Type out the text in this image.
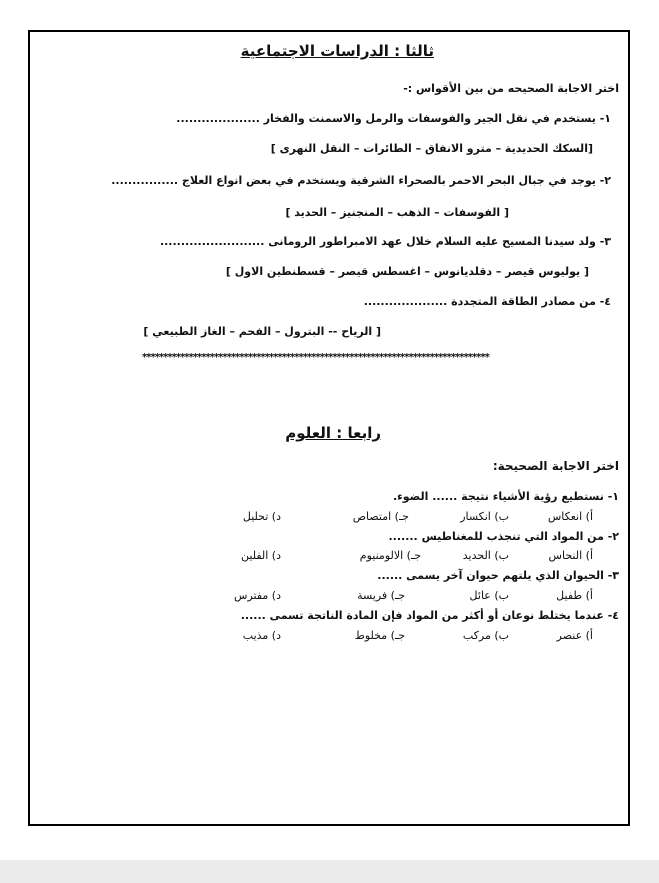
ثالثا : الدراسات الاجتماعية
اختر الاجابة الصحيحه من بين الأقواس :-
١- يستخدم في نقل الجير والفوسفات والرمل والاسمنت والفخار ....................
[السكك الحديدية – مترو الانفاق – الطائرات – النقل النهرى ]
٢- يوجد في جبال البحر الاحمر بالصحراء الشرقية ويستخدم في بعض انواع العلاج ................
[ الفوسفات – الذهب – المنجنيز – الحديد ]
٣- ولد سيدنا المسيح عليه السلام خلال عهد الامبراطور الرومانى .........................
[ يوليوس قيصر – دقلديانوس – اغسطس قيصر – قسطنطين الاول ]
٤- من مصادر الطاقة المتجددة ....................
[ الرياح -- البترول – الفحم – الغاز الطبيعي ]
**********************************************************************************
رابعا : العلوم
اختر الاجابة الصحيحة:
١- نستطيع رؤية الأشياء نتيجة ...... الضوء.
أ) انعكاس
ب) انكسار
جـ) امتصاص
د) تحليل
٢- من المواد التي تنجذب للمغناطيس .......
أ) النحاس
ب) الحديد
جـ) الالومنيوم
د) الفلين
٣- الحيوان الذي يلتهم حيوان آخر يسمى ......
أ) طفيل
ب) عائل
جـ) فريسة
د) مفترس
٤- عندما يختلط نوعان أو أكثر من المواد فإن المادة الناتجة تسمى ......
أ) عنصر
ب) مركب
جـ) مخلوط
د) مذيب
